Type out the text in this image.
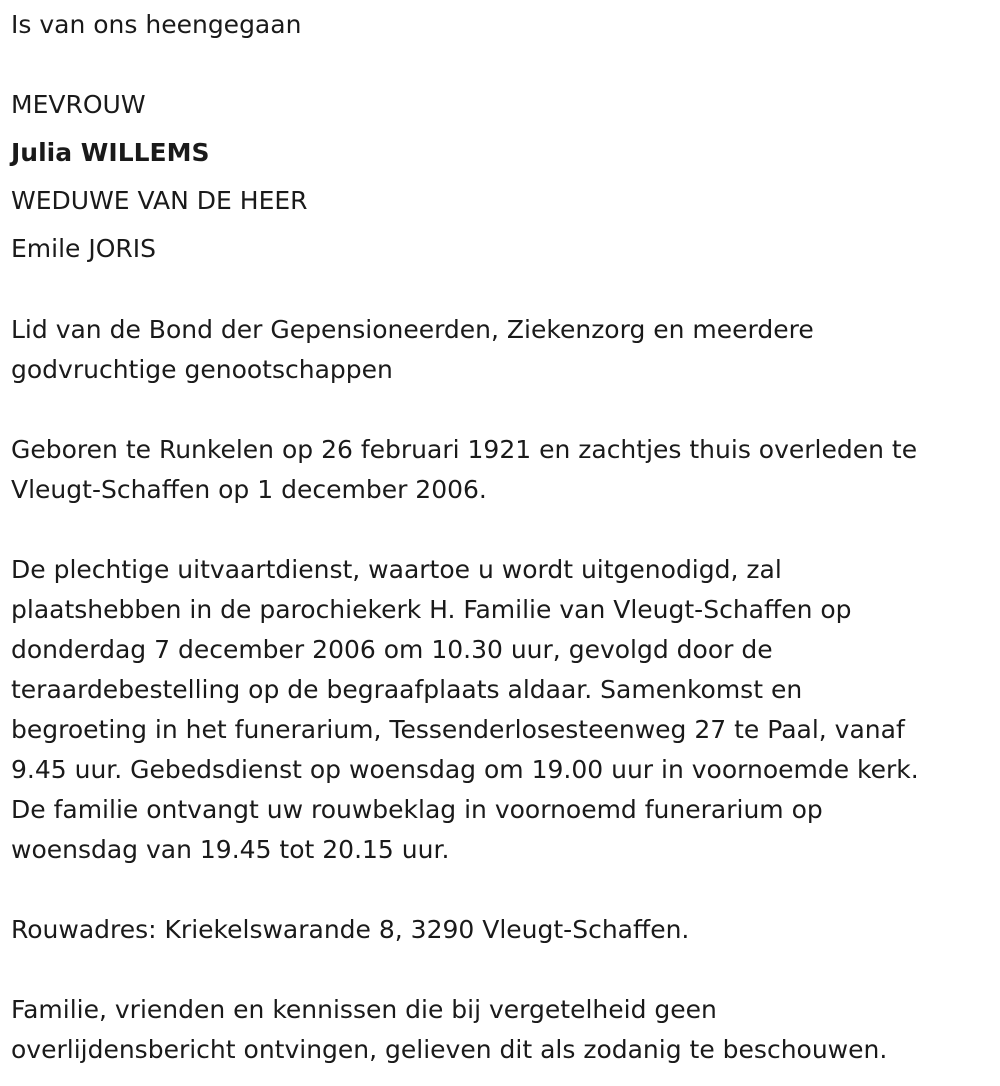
Is van ons heengegaan
MEVROUW
Julia WILLEMS
WEDUWE VAN DE HEER
Emile JORIS
Lid van de Bond der Gepensioneerden, Ziekenzorg en meerdere
godvruchtige genootschappen
Geboren te Runkelen op 26 februari 1921 en zachtjes thuis overleden te
Vleugt-Schaffen op 1 december 2006.
De plechtige uitvaartdienst, waartoe u wordt uitgenodigd, zal
plaatshebben in de parochiekerk H. Familie van Vleugt-Schaffen op
donderdag 7 december 2006 om 10.30 uur, gevolgd door de
teraardebestelling op de begraafplaats aldaar. Samenkomst en
begroeting in het funerarium, Tessenderlosesteenweg 27 te Paal, vanaf
9.45 uur. Gebedsdienst op woensdag om 19.00 uur in voornoemde kerk.
De familie ontvangt uw rouwbeklag in voornoemd funerarium op
woensdag van 19.45 tot 20.15 uur.
Rouwadres: Kriekelswarande 8, 3290 Vleugt-Schaffen.
Familie, vrienden en kennissen die bij vergetelheid geen
overlijdensbericht ontvingen, gelieven dit als zodanig te beschouwen.
